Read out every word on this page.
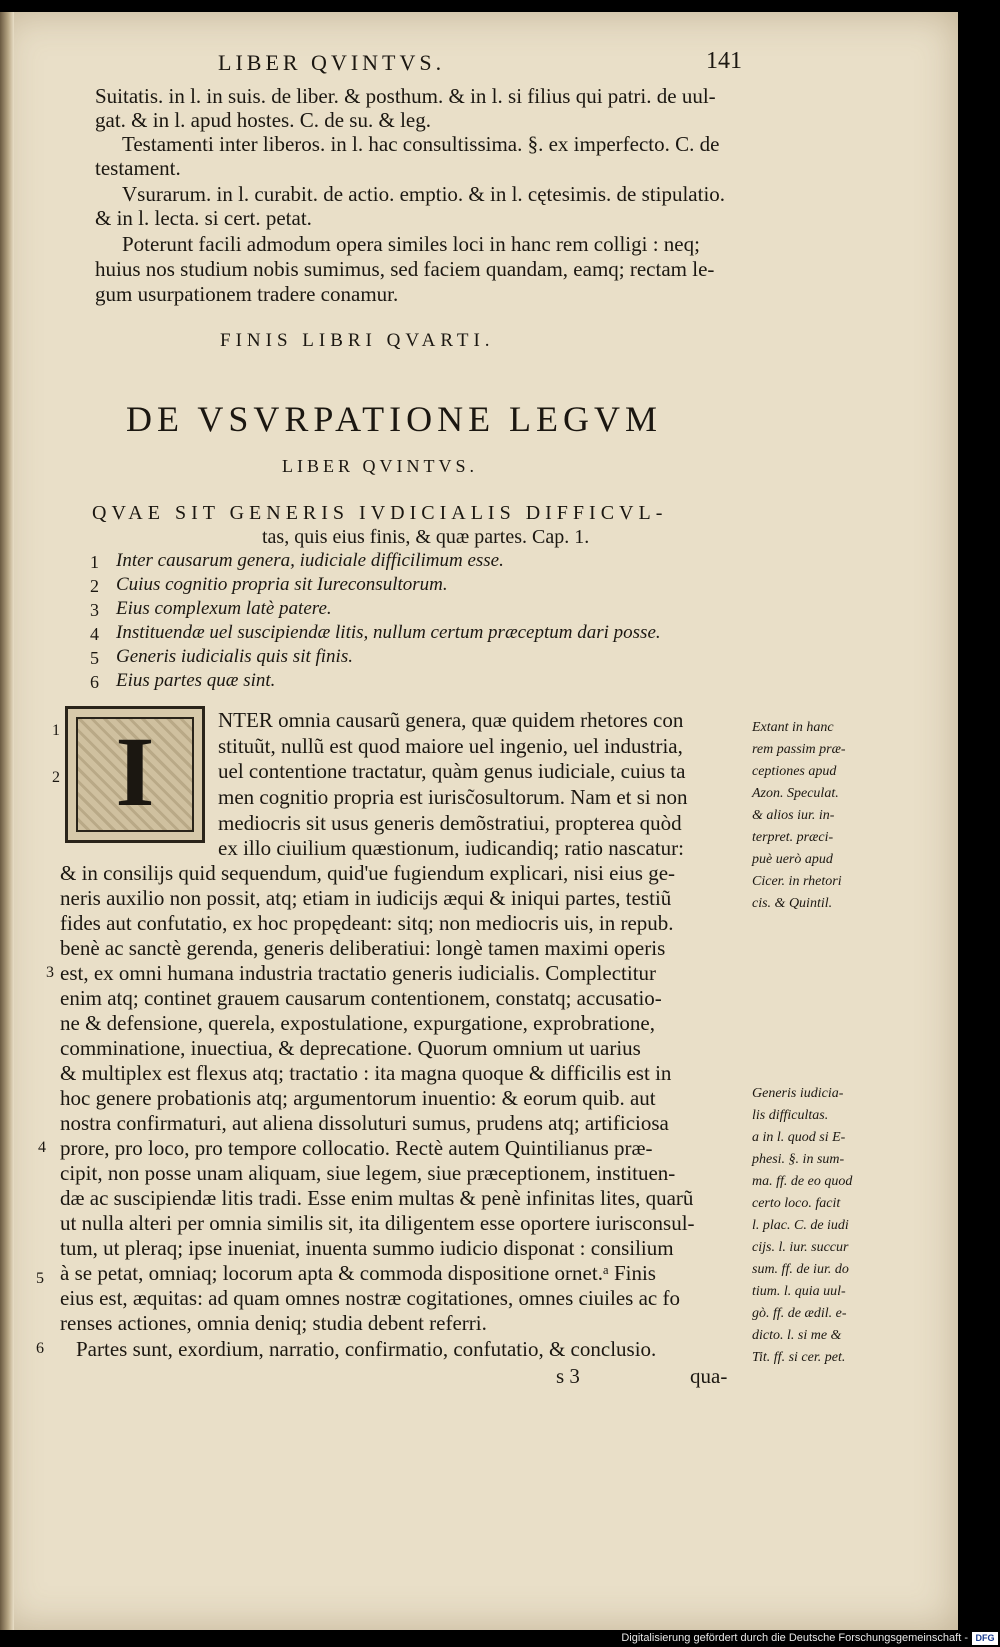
LIBER QVINTVS.	141
Suitatis. in l. in suis. de liber. & posthum. & in l. si filius qui patri. de uul-
gat. & in l. apud hostes. C. de su. & leg.
Testamenti inter liberos. in l. hac consultissima. §. ex imperfecto. C. de
testament.
Vsurarum. in l. curabit. de actio. emptio. & in l. cętesimis. de stipulatio.
& in l. lecta. si cert. petat.
Poterunt facili admodum opera similes loci in hanc rem colligi : neq;
huius nos studium nobis sumimus, sed faciem quandam, eamq; rectam le-
gum usurpationem tradere conamur.
FINIS LIBRI QVARTI.
DE VSVRPATIONE LEGVM
LIBER QVINTVS.
QVAE SIT GENERIS IVDICIALIS DIFFICVL-
tas, quis eius finis, & quæ partes. Cap. 1.
1 Inter causarum genera, iudiciale difficilimum esse.
2 Cuius cognitio propria sit Iureconsultorum.
3 Eius complexum latè patere.
4 Instituendæ uel suscipiendæ litis, nullum certum præceptum dari posse.
5 Generis iudicialis quis sit finis.
6 Eius partes quæ sint.
1
2 I	NTER omnia causarũ genera, quæ quidem rhetores con
stituũt, nullũ est quod maiore uel ingenio, uel industria,
uel contentione tractatur, quàm genus iudiciale, cuius ta
men cognitio propria est iurisc̃osultorum. Nam et si non
mediocris sit usus generis demõstratiui, propterea quòd
ex illo ciuilium quæstionum, iudicandiq; ratio nascatur:
& in consilijs quid sequendum, quid'ue fugiendum explicari, nisi eius ge-
neris auxilio non possit, atq; etiam in iudicijs æqui & iniqui partes, testiũ
fides aut confutatio, ex hoc propędeant: sitq; non mediocris uis, in repub.
benè ac sanctè gerenda, generis deliberatiui: longè tamen maximi operis
3 est, ex omni humana industria tractatio generis iudicialis. Complectitur
enim atq; continet grauem causarum contentionem, constatq; accusatio-
ne & defensione, querela, expostulatione, expurgatione, exprobratione,
comminatione, inuectiua, & deprecatione. Quorum omnium ut uarius
& multiplex est flexus atq; tractatio : ita magna quoque & difficilis est in
hoc genere probationis atq; argumentorum inuentio: & eorum quib. aut
nostra confirmaturi, aut aliena dissoluturi sumus, prudens atq; artificiosa
4 prore, pro loco, pro tempore collocatio. Rectè autem Quintilianus præ-
cipit, non posse unam aliquam, siue legem, siue præceptionem, instituen-
dæ ac suscipiendæ litis tradi. Esse enim multas & penè infinitas lites, quarũ
ut nulla alteri per omnia similis sit, ita diligentem esse oportere iurisconsul-
tum, ut pleraq; ipse inueniat, inuenta summo iudicio disponat : consilium
5 à se petat, omniaq; locorum apta & commoda dispositione ornet.ᵃ Finis
eius est, æquitas: ad quam omnes nostræ cogitationes, omnes ciuiles ac fo
renses actiones, omnia deniq; studia debent referri.
6 Partes sunt, exordium, narratio, confirmatio, confutatio, & conclusio.
Extant in hanc
rem passim præ-
ceptiones apud
Azon. Speculat.
& alios iur. in-
terpret. præci-
puè uerò apud
Cicer. in rhetori
cis. & Quintil.
Generis iudicia-
lis difficultas.
a in l. quod si E-
phesi. §. in sum-
ma. ff. de eo quod
certo loco. facit
l. plac. C. de iudi
cijs. l. iur. succur
sum. ff. de iur. do
tium. l. quia uul-
gò. ff. de ædil. e-
dicto. l. si me &
Tit. ff. si cer. pet.
s 3	qua-
Digitalisierung gefördert durch die Deutsche Forschungsgemeinschaft - DFG
